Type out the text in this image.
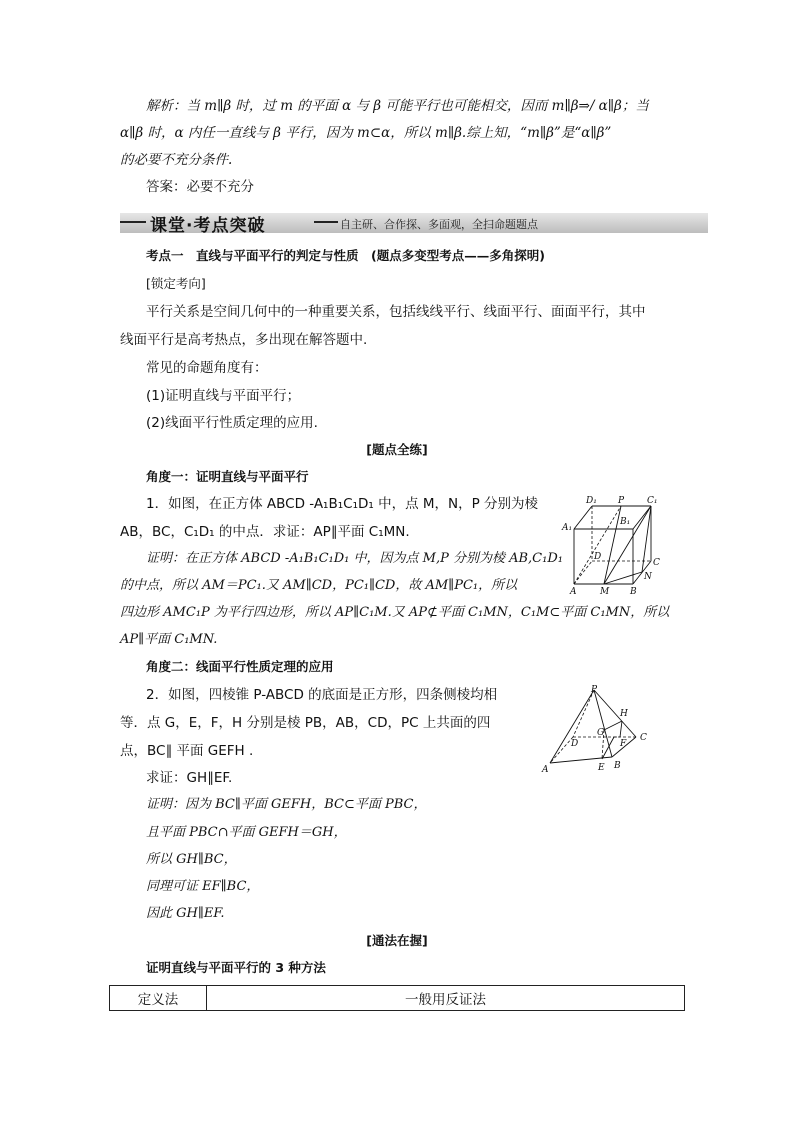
解析：当 m∥β 时，过 m 的平面 α 与 β 可能平行也可能相交，因而 m∥β⇒/ α∥β；当
α∥β 时，α 内任一直线与 β 平行，因为 m⊂α，所以 m∥β.综上知，“m∥β”是“α∥β”
的必要不充分条件.
答案：必要不充分
课堂·考点突破	自主研、合作探、多面观，全扫命题题点
考点一　直线与平面平行的判定与性质　(题点多变型考点——多角探明)
[锁定考向]
平行关系是空间几何中的一种重要关系，包括线线平行、线面平行、面面平行，其中
线面平行是高考热点，多出现在解答题中.
常见的命题角度有：
(1)证明直线与平面平行；
(2)线面平行性质定理的应用.
[题点全练]
角度一：证明直线与平面平行
1．如图，在正方体 ABCD -A₁B₁C₁D₁ 中，点 M，N，P 分别为棱
AB，BC，C₁D₁ 的中点．求证：AP∥平面 C₁MN.
证明：在正方体 ABCD -A₁B₁C₁D₁ 中，因为点 M,P 分别为棱 AB,C₁D₁
的中点，所以 AM＝PC₁.又 AM∥CD，PC₁∥CD，故 AM∥PC₁，所以
四边形 AMC₁P 为平行四边形，所以 AP∥C₁M.又 AP⊄平面 C₁MN，C₁M⊂平面 C₁MN，所以
AP∥平面 C₁MN.
D₁ P	C₁
A₁
B₁
D
C
A	M B
N
角度二：线面平行性质定理的应用
2．如图，四棱锥 P-ABCD 的底面是正方形，四条侧棱均相
等．点 G，E，F，H 分别是棱 PB，AB，CD，PC 上共面的四
点，BC∥ 平面 GEFH .
求证：GH∥EF.
证明：因为 BC∥平面 GEFH，BC⊂平面 PBC，
且平面 PBC∩平面 GEFH＝GH，
所以 GH∥BC，
同理可证 EF∥BC，
因此 GH∥EF.
P
H
D
G
F
C
A	E B
[通法在握]
证明直线与平面平行的 3 种方法
定义法	一般用反证法
